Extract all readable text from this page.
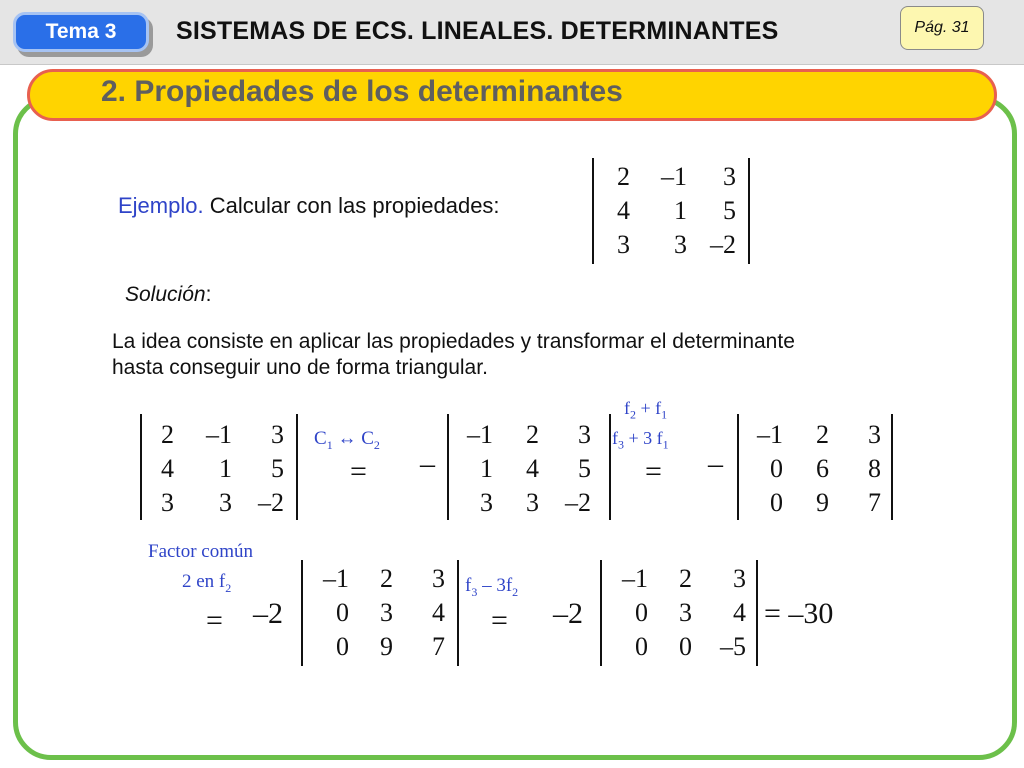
Tema 3	SISTEMAS DE ECS. LINEALES. DETERMINANTES	Pág. 31
2. Propiedades de los determinantes
Ejemplo. Calcular con las propiedades:
2 –1 3
4 1 5
3 3 –2
Solución:
La idea consiste en aplicar las propiedades y transformar el determinante
hasta conseguir uno de forma triangular.
2 –1 3
4 1 5
3 3 –2
$C_1$ ↔ $C_2$
= –
–1 2 3
1 4 5
3 3 –2
$f_2 + f_1$
$f_3 + 3$ $f_1$
= –
–1 2 3
0 6 8
0 9 7
Factor común
2 en $f_2$
= –2
–1 2 3
0 3 4
0 9 7
$f_3 - 3f_2$
= –2
–1 2 3
0 3 4
0 0 –5
= –30
